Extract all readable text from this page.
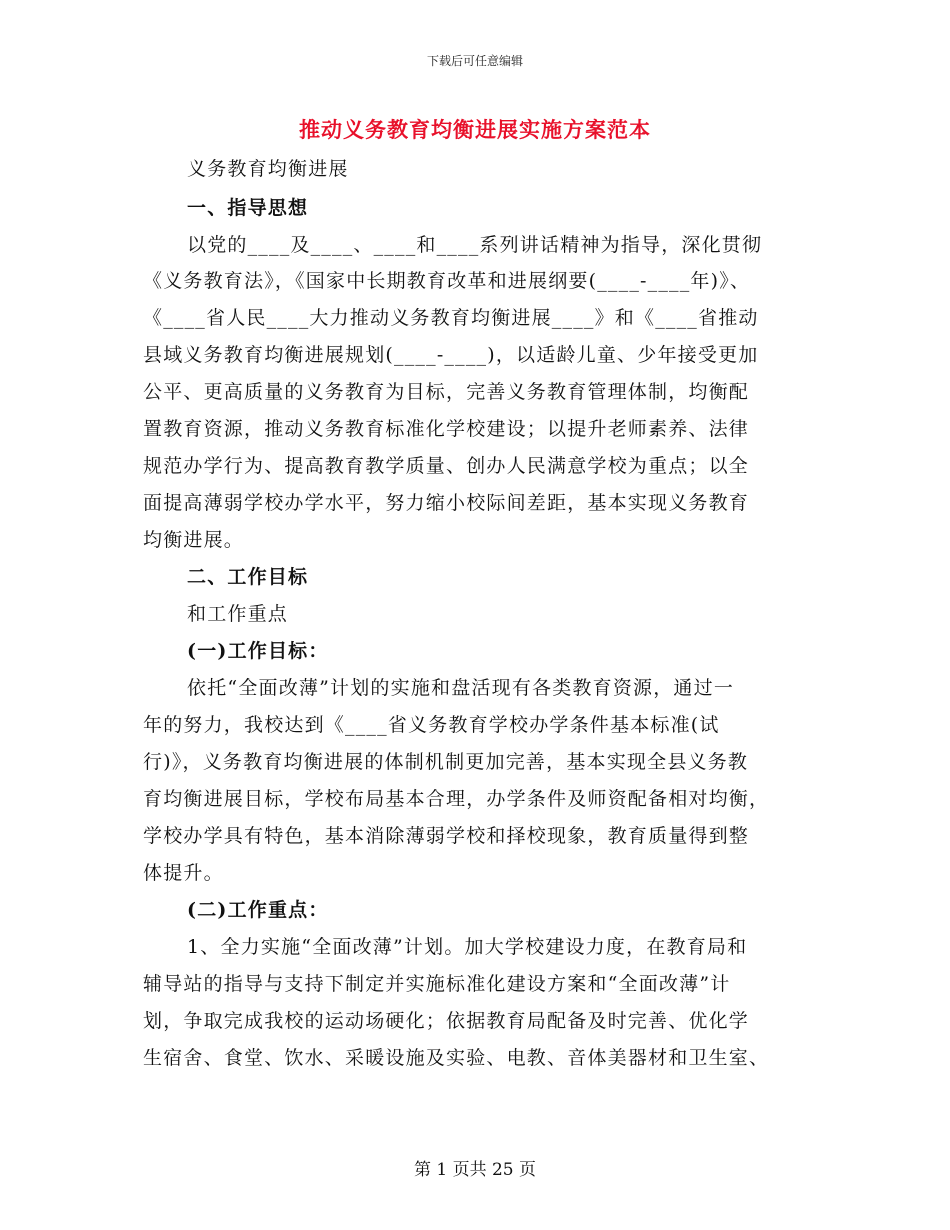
下载后可任意编辑
推动义务教育均衡进展实施方案范本
义务教育均衡进展
一、指导思想
以党的____及____、____和____系列讲话精神为指导，深化贯彻
《义务教育法》，《国家中长期教育改革和进展纲要(____-____年)》、
《____省人民____大力推动义务教育均衡进展____》和《____省推动
县域义务教育均衡进展规划(____-____)，以适龄儿童、少年接受更加
公平、更高质量的义务教育为目标，完善义务教育管理体制，均衡配
置教育资源，推动义务教育标准化学校建设；以提升老师素养、法律
规范办学行为、提高教育教学质量、创办人民满意学校为重点；以全
面提高薄弱学校办学水平，努力缩小校际间差距，基本实现义务教育
均衡进展。
二、工作目标
和工作重点
(一)工作目标：
依托“全面改薄”计划的实施和盘活现有各类教育资源，通过一
年的努力，我校达到《____省义务教育学校办学条件基本标准(试
行)》，义务教育均衡进展的体制机制更加完善，基本实现全县义务教
育均衡进展目标，学校布局基本合理，办学条件及师资配备相对均衡，
学校办学具有特色，基本消除薄弱学校和择校现象，教育质量得到整
体提升。
(二)工作重点：
1、全力实施“全面改薄”计划。加大学校建设力度，在教育局和
辅导站的指导与支持下制定并实施标准化建设方案和“全面改薄”计
划，争取完成我校的运动场硬化；依据教育局配备及时完善、优化学
生宿舍、食堂、饮水、采暖设施及实验、电教、音体美器材和卫生室、
第 1 页共 25 页
